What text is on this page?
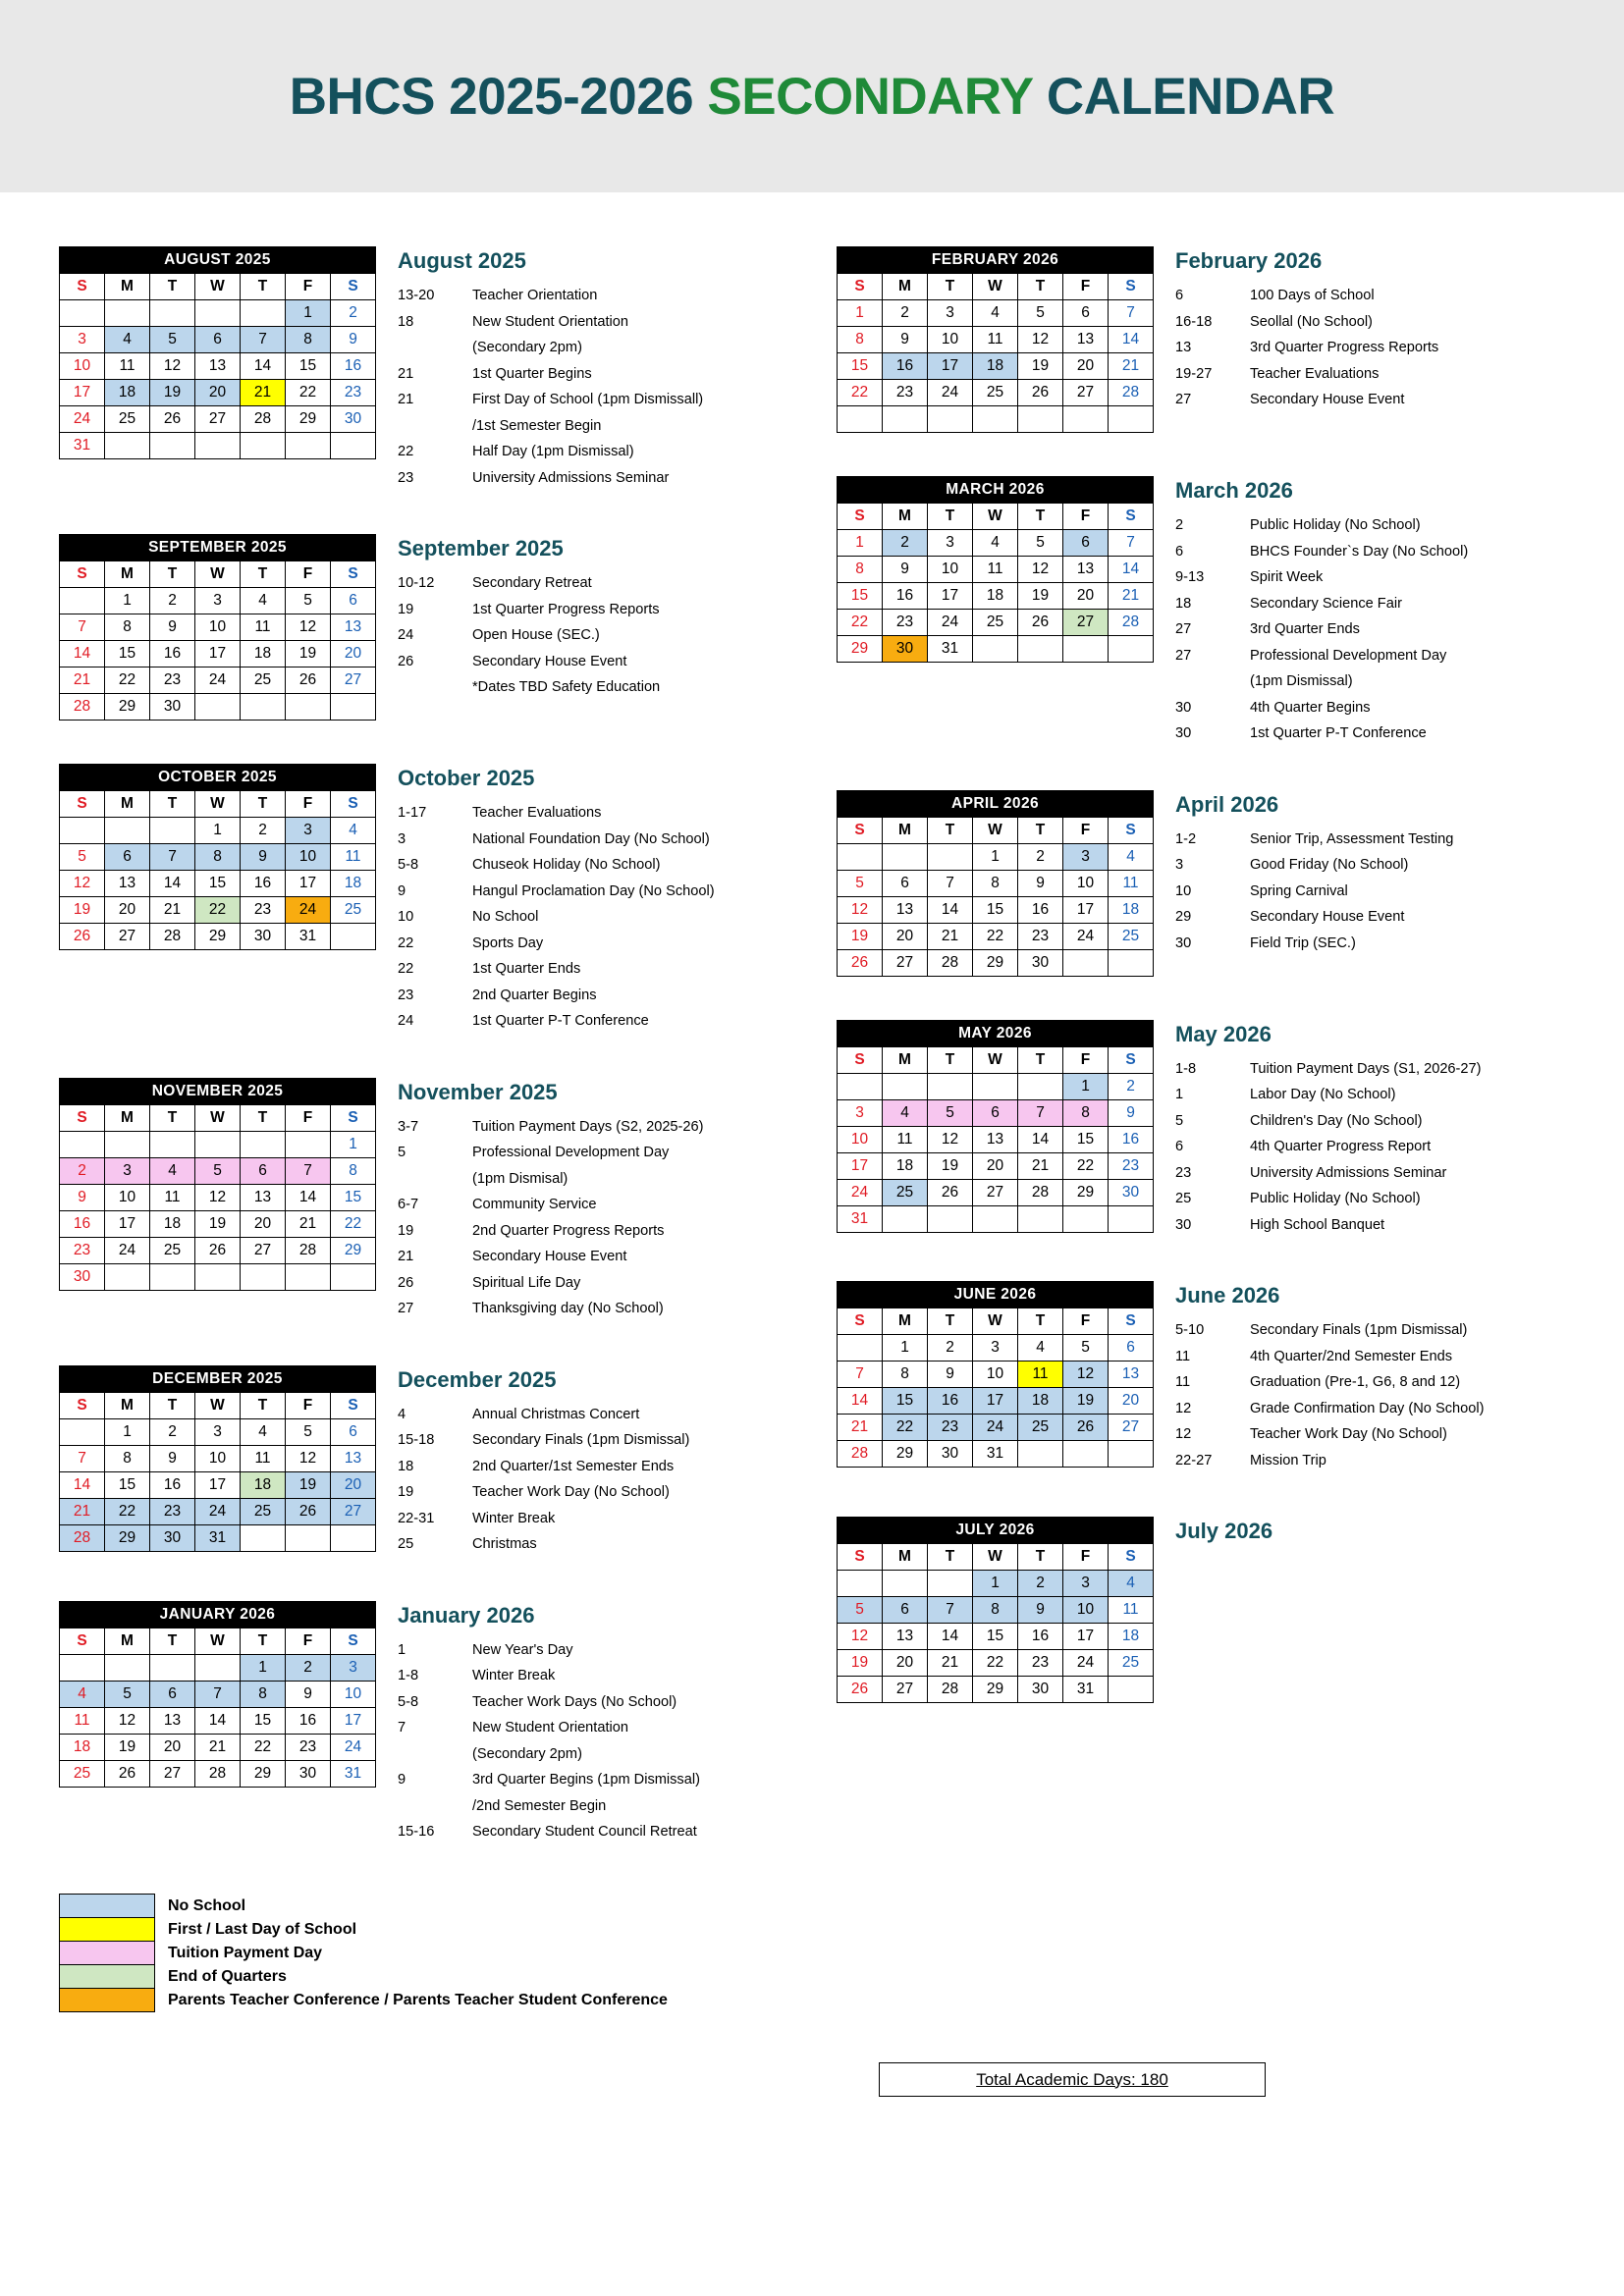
BHCS 2025-2026 SECONDARY CALENDAR
AUGUST 2025						
S	M	T	W	T	F	S
					1	2
3	4	5	6	7	8	9
10	11	12	13	14	15	16
17	18	19	20	21	22	23
24	25	26	27	28	29	30
31						
August 2025
13-20	Teacher Orientation
18	New Student Orientation
(Secondary 2pm)
21	1st Quarter Begins
21	First Day of School (1pm Dismissall)
/1st Semester Begin
22	Half Day (1pm Dismissal)
23	University Admissions Seminar
SEPTEMBER 2025						
S	M	T	W	T	F	S
	1	2	3	4	5	6
7	8	9	10	11	12	13
14	15	16	17	18	19	20
21	22	23	24	25	26	27
28	29	30				
September 2025
10-12	Secondary Retreat
19	1st Quarter Progress Reports
24	Open House (SEC.)
26	Secondary House Event
*Dates TBD Safety Education
OCTOBER 2025						
S	M	T	W	T	F	S
			1	2	3	4
5	6	7	8	9	10	11
12	13	14	15	16	17	18
19	20	21	22	23	24	25
26	27	28	29	30	31	
October 2025
1-17	Teacher Evaluations
3	National Foundation Day (No School)
5-8	Chuseok Holiday (No School)
9	Hangul Proclamation Day (No School)
10	No School
22	Sports Day
22	1st Quarter Ends
23	2nd Quarter Begins
24	1st Quarter P-T Conference
NOVEMBER 2025						
S	M	T	W	T	F	S
						1
2	3	4	5	6	7	8
9	10	11	12	13	14	15
16	17	18	19	20	21	22
23	24	25	26	27	28	29
30						
November 2025
3-7	Tuition Payment Days (S2, 2025-26)
5	Professional Development Day
(1pm Dismisal)
6-7	Community Service
19	2nd Quarter Progress Reports
21	Secondary House Event
26	Spiritual Life Day
27	Thanksgiving day (No School)
DECEMBER 2025						
S	M	T	W	T	F	S
	1	2	3	4	5	6
7	8	9	10	11	12	13
14	15	16	17	18	19	20
21	22	23	24	25	26	27
28	29	30	31			
December 2025
4	Annual Christmas Concert
15-18	Secondary Finals (1pm Dismissal)
18	2nd Quarter/1st Semester Ends
19	Teacher Work Day (No School)
22-31	Winter Break
25	Christmas
JANUARY 2026						
S	M	T	W	T	F	S
				1	2	3
4	5	6	7	8	9	10
11	12	13	14	15	16	17
18	19	20	21	22	23	24
25	26	27	28	29	30	31
January 2026
1	New Year's Day
1-8	Winter Break
5-8	Teacher Work Days (No School)
7	New Student Orientation
(Secondary 2pm)
9	3rd Quarter Begins (1pm Dismissal)
/2nd Semester Begin
15-16	Secondary Student Council Retreat
FEBRUARY 2026						
S	M	T	W	T	F	S
1	2	3	4	5	6	7
8	9	10	11	12	13	14
15	16	17	18	19	20	21
22	23	24	25	26	27	28

February 2026
6	100 Days of School
16-18	Seollal (No School)
13	3rd Quarter Progress Reports
19-27	Teacher Evaluations
27	Secondary House Event
MARCH 2026						
S	M	T	W	T	F	S
1	2	3	4	5	6	7
8	9	10	11	12	13	14
15	16	17	18	19	20	21
22	23	24	25	26	27	28
29	30	31				
March 2026
2	Public Holiday (No School)
6	BHCS Founder`s Day (No School)
9-13	Spirit Week
18	Secondary Science Fair
27	3rd Quarter Ends
27	Professional Development Day
(1pm Dismissal)
30	4th Quarter Begins
30	1st Quarter P-T Conference
APRIL 2026						
S	M	T	W	T	F	S
			1	2	3	4
5	6	7	8	9	10	11
12	13	14	15	16	17	18
19	20	21	22	23	24	25
26	27	28	29	30		
April 2026
1-2	Senior Trip, Assessment Testing
3	Good Friday (No School)
10	Spring Carnival
29	Secondary House Event
30	Field Trip (SEC.)
MAY 2026						
S	M	T	W	T	F	S
					1	2
3	4	5	6	7	8	9
10	11	12	13	14	15	16
17	18	19	20	21	22	23
24	25	26	27	28	29	30
31						
May 2026
1-8	Tuition Payment Days (S1, 2026-27)
1	Labor Day (No School)
5	Children's Day (No School)
6	4th Quarter Progress Report
23	University Admissions Seminar
25	Public Holiday (No School)
30	High School Banquet
JUNE 2026						
S	M	T	W	T	F	S
	1	2	3	4	5	6
7	8	9	10	11	12	13
14	15	16	17	18	19	20
21	22	23	24	25	26	27
28	29	30	31			
June 2026
5-10	Secondary Finals (1pm Dismissal)
11	4th Quarter/2nd Semester Ends
11	Graduation (Pre-1, G6, 8 and 12)
12	Grade Confirmation Day (No School)
12	Teacher Work Day (No School)
22-27	Mission Trip
JULY 2026						
S	M	T	W	T	F	S
			1	2	3	4
5	6	7	8	9	10	11
12	13	14	15	16	17	18
19	20	21	22	23	24	25
26	27	28	29	30	31	
July 2026
No School
First / Last Day of School
Tuition Payment Day
End of Quarters
Parents Teacher Conference / Parents Teacher Student Conference
Total Academic Days: 180
